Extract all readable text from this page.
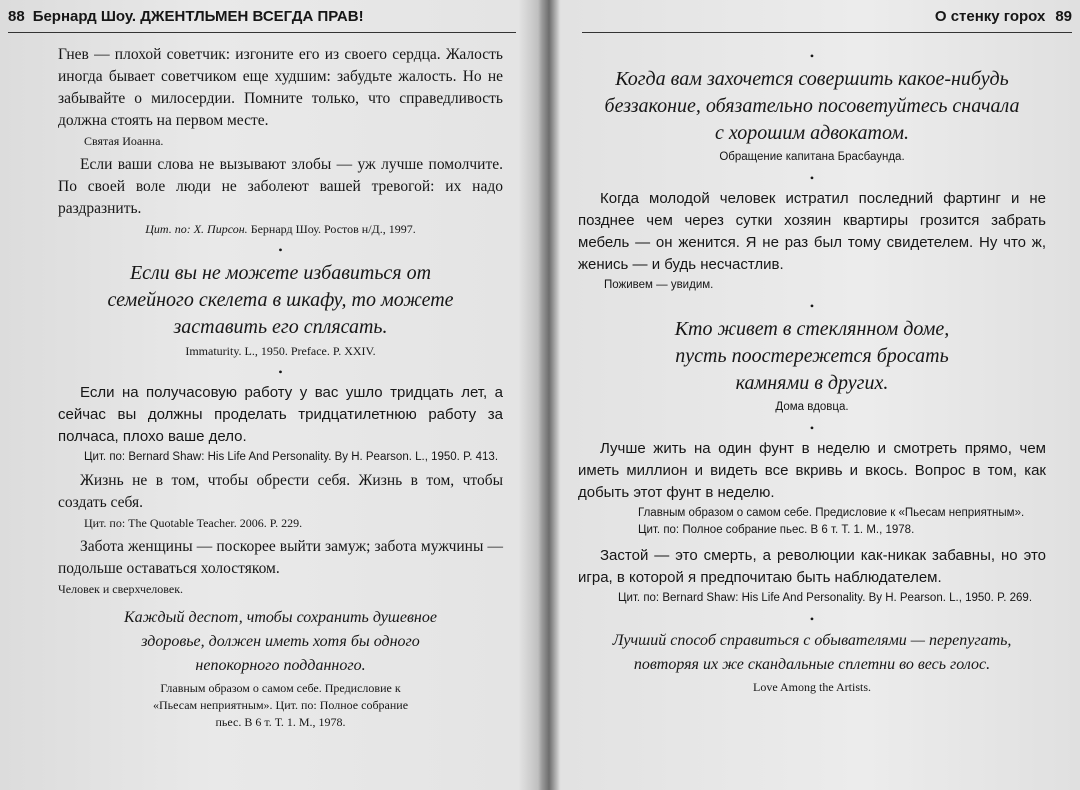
88 Бернард Шоу. ДЖЕНТЛЬМЕН ВСЕГДА ПРАВ!

Гнев — плохой советчик: изгоните его из своего сердца. Жалость иногда бывает советчиком еще худшим: забудьте жалость. Но не забывайте о милосердии. Помните только, что справедливость должна стоять на первом месте.

Святая Иоанна.

Если ваши слова не вызывают злобы — уж лучше помолчите. По своей воле люди не заболеют вашей тревогой: их надо раздразнить.

Цит. по: Х. Пирсон. Бернард Шоу. Ростов н/Д., 1997.
•

Если вы не можете избавиться от семейного скелета в шкафу, то можете заставить его сплясать.

Immaturity. L., 1950. Preface. P. XXIV.
•

Если на получасовую работу у вас ушло тридцать лет, а сейчас вы должны проделать тридцатилетнюю работу за полчаса, плохо ваше дело.

Цит. по: Bernard Shaw: His Life And Personality. By H. Pearson. L., 1950. P. 413.

Жизнь не в том, чтобы обрести себя. Жизнь в том, чтобы создать себя.

Цит. по: The Quotable Teacher. 2006. P. 229.

Забота женщины — поскорее выйти замуж; забота мужчины — подольше оставаться холостяком.

Человек и сверхчеловек.

Каждый деспот, чтобы сохранить душевное здоровье, должен иметь хотя бы одного непокорного подданного.

Главным образом о самом себе. Предисловие к «Пьесам неприятным». Цит. по: Полное собрание пьес. В 6 т. Т. 1. М., 1978.
О стенку горох 89
•

Когда вам захочется совершить какое-нибудь беззаконие, обязательно посоветуйтесь сначала с хорошим адвокатом.

Обращение капитана Брасбаунда.
•

Когда молодой человек истратил последний фартинг и не позднее чем через сутки хозяин квартиры грозится забрать мебель — он женится. Я не раз был тому свидетелем. Ну что ж, женись — и будь несчастлив.

Поживем — увидим.
•

Кто живет в стеклянном доме, пусть поостережется бросать камнями в других.

Дома вдовца.
•

Лучше жить на один фунт в неделю и смотреть прямо, чем иметь миллион и видеть все вкривь и вкось. Вопрос в том, как добыть этот фунт в неделю.

Главным образом о самом себе. Предисловие к «Пьесам неприятным». Цит. по: Полное собрание пьес. В 6 т. Т. 1. М., 1978.

Застой — это смерть, а революции как-никак забавны, но это игра, в которой я предпочитаю быть наблюдателем.

Цит. по: Bernard Shaw: His Life And Personality. By H. Pearson. L., 1950. P. 269.
•

Лучший способ справиться с обывателями — перепугать, повторяя их же скандальные сплетни во весь голос.

Love Among the Artists.
